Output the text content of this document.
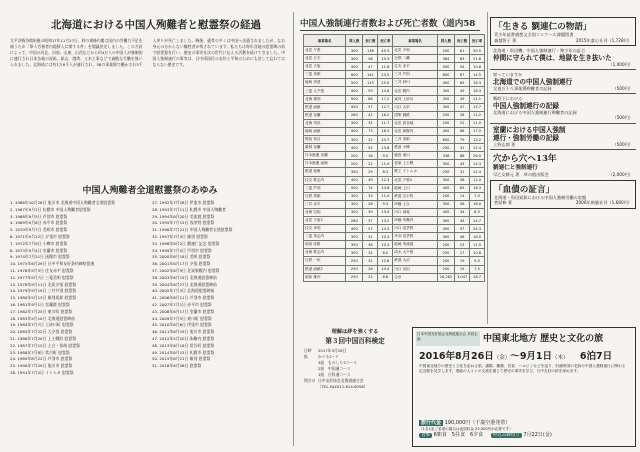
北海道における中国人殉難者と慰霊祭の経過
太平洋戦争開始後の昭和17年11月27日、時の東條内閣は国内の労働力不足を補うため「華人労務者内地移入に関する件」を閣議決定しました。この方針によって、中国の河北、河南、山東、山西などから約4万人の中国人が強制的に連行され日本各地の炭鉱、鉱山、港湾、土木工事などで過酷な労働を強いられました。北海道には約1万6千人が連行され、58の事業場で働かされ3千人余りが死亡しました。戦後、遺骨の多くは中国へ送還されましたが、なお身元の分からない犠牲者が残されています。私たちは毎年各地の慰霊碑の前で慰霊祭を行い、歴史の事実を次の世代に伝える活動を続けてきました。中国人強制連行の事実は、日中両国民の友好と平和のためにも決して忘れてはならない歴史です。
中国人殉難者全道慰霊祭のあゆみ
1. 1966年10月28日 旭川市 北海道中国人殉難者全道慰霊祭
2. 1967年9月1日 札幌市 中国人殉難者慰霊祭
3. 1968年9月5日 芦別市 慰霊祭
4. 1969年9月6日 赤平市 慰霊祭
5. 1970年9月7日 美唄市 慰霊祭
6. 1971年9月12日 夕張市 慰霊祭
7. 1972年7月9日 小樽市 慰霊祭
8. 1973年9月4日 室蘭市 慰霊祭
9. 1974年7月21日 函館市 慰霊祭
10. 1975年6月29日 日中平和友好条約締結促進
11. 1976年9月3日 住友赤平 慰霊祭
12. 1977年9月7日 三菱美唄 慰霊祭
13. 1978年9月11日 北炭夕張 慰霊祭
14. 1979年9月19日 三井芦別 慰霊祭
15. 1980年9月13日 雄別炭鉱 慰霊祭
16. 1981年9月1日 室蘭港 慰霊祭
17. 1982年7月25日 東川町 慰霊祭
18. 1983年9月10日 北海道慰霊碑前
19. 1984年7月7日 上砂川町 慰霊祭
20. 1985年7月22日 大夕張 慰霊祭
21. 1986年7月20日 上士幌町 慰霊祭
22. 1987年7月12日 土合・留萌 慰霊祭
23. 1988年7月8日 常呂町 慰霊祭
24. 1989年8月22日 芦別市 慰霊祭
25. 1990年7月29日 旭川市 慰霊祭
26. 1991年7月2日 イトムカ 慰霊祭
27. 1992年7月28日 伊達市 慰霊祭
28. 1993年7月11日 札幌市 中国人殉難者
29. 1994年6月20日 美流渡 慰霊祭
30. 1995年7月15日 浅茅野 慰霊祭
31. 1996年7月21日 中国人殉難者全道慰霊祭
32. 1997年7月4日 雄別 慰霊祭
33. 1998年8月2日 劉連仁記念 慰霊祭
34. 1999年7月5日 芦別市 慰霊祭
35. 2000年6月18日 美唄 慰霊祭
36. 2001年6月17日 夕張 慰霊祭
37. 2002年6月9日 北炭新幌内 慰霊祭
38. 2003年6月15日 北海道慰霊碑前
39. 2004年6月27日 北海道慰霊碑前
40. 2005年7月3日 北海道慰霊碑前
41. 2006年6月11日 芦別市 慰霊祭
42. 2007年7月1日 赤平市 慰霊祭
43. 2008年6月17日 室蘭市 慰霊祭
44. 2009年7月5日 東川町 慰霊祭
45. 2010年6月6日 伊達市 慰霊祭
46. 2011年6月19日 旭川市 慰霊祭
47. 2012年5月20日 朱鞠内 慰霊祭
48. 2013年6月16日 常呂町 慰霊祭
49. 2014年6月15日 札幌市 慰霊祭
50. 2015年6月21日 雄別 慰霊祭
51. 2016年6月26日 慰霊祭
中国人強制連行者数および死亡者数（道内58
事業場名	移入数	死亡数	死亡率	事業場名	移入数	死亡数	死亡率
北炭 夕張	300	136	45.3	北炭 平和	200	61	30.5
北炭 万字	300	58	19.3	日鉄 二瀬	384	83	21.6
北炭 天塩	400	47	11.8	住友 赤平	500	54	10.8
三菱 美唄	600	141	23.5	三井 芦別	600	87	14.5
地崎 伊達	500	125	25.0	三井 砂川	400	65	16.3
三菱 大夕張	400	59	14.8	北炭 幌内	300	49	16.3
北海 雄別	500	86	17.2	東邦 上砂川	350	39	11.1
鉄道 函館	450	57	12.7	川口 大栄	300	47	15.7
鉄道 室蘭	260	42	16.2	国策 釧路	250	28	11.2
北海 茂尻	300	35	11.7	北炭 真谷地	200	22	11.0
地崎 函館	400	73	18.3	北炭 新幌内	400	68	17.0
飛島 常呂	300	32	10.7	三井 美唄	600	79	13.2
栗林 室蘭	400	55	13.8	鉄道 小樽	250	31	12.4
日本港運 室蘭	200	18	9.0	鹿島 東川	338	88	26.0
日本港運 函館	200	22	11.0	菅原 上士幌	300	43	14.3
鉄道 留萌	350	29	8.3	鉄工 イトムカ	250	31	12.4
住友 歌志内	400	49	12.3	北炭 夕張2	300	36	12.0
三菱 芦別	500	74	14.8	地崎 上川	400	65	16.3
日鉄 美唄	300	33	11.0	鉄道 苫小牧	200	14	7.0
三井 赤平	300	28	9.3	伊藤 土合	350	56	16.0
北海 空知	300	39	13.0	川口 雨竜	400	34	8.5
北炭 天塩2	280	37	13.2	伊藤 朱鞠内	300	44	14.7
住友 奔別	400	57	14.3	川口 浅茅野	400	97	24.3
三菱 茶志内	300	31	10.3	丹羽 浅茅野	300	48	16.0
明治 庶路	350	36	10.3	地崎 美流渡	200	23	11.5
北海 歌志内	300	24	8.0	清水 大夕張	250	27	10.8
日鉄 一坑	250	32	12.8	鉄道 大沼	200	19	9.5
鉄道 函館2	250	26	10.4	川口 沼田	200	15	7.5
昭和 稚内	250	22	8.8	合計	16,282	3,047	18.7
理解は絆を強くする
第３回中国百科検定
日時	2017年3月26日
級	かぐる2・7
3級　ものしり3コース
2級　中国通コース
1級　百科通コース
問合せ 日中友好協会北海道連合会
（TEL.FAX011-614-6058）
日本中国友好協会北海道連合会 共同企画	中国東北地方 歴史と文化の旅
2016年8月26日（金）〜9月1日（木） 6泊7日
中国東北地方の歴史と文化を訪ねる旅。瀋陽、撫順、長春、ハルビンなどを巡り、旧満州国の史跡や中国人強制連行に関わる記念館を見学します。現地の人々との交流を通じて歴史の事実を学び、日中友好の絆を深めます。
旅行代金 190,000円（千歳空港発着）
（1名1室ご希望の場合は追加料金 25,000円が必要です）
食事 6朝食　5昼食　6夕食 申込み締切り 7月22日(金)
「生きる 劉連仁の物語」
青少年読書感想文全国コンクール課題図書
森越智子 著	2015年童心社刊（1,728円）
北海道・角田機、中国人強制連行・殉少年の証言
仲間に守られて僕は、地獄を生き抜いた
（1,000円）
知っていますか
北海道での中国人強制連行
全道五十八事業場殉難者の記録	（500円）
戦時下における
中国人強制連行の記録
北海道における中国人強制連行殉難者の記録
（500円）
室蘭における中国人強制
連行・強制労働の記録
上野志郎 著	（500円）
穴から穴へ13年
劉連仁と強制連行
早乙女勝元 著　草の根出版会	（2,000円）
「血債の証言」
北海道・角田炭鉱における中国人強制労働の実態
菅原修 著	2006年新風社刊（1,680円）
